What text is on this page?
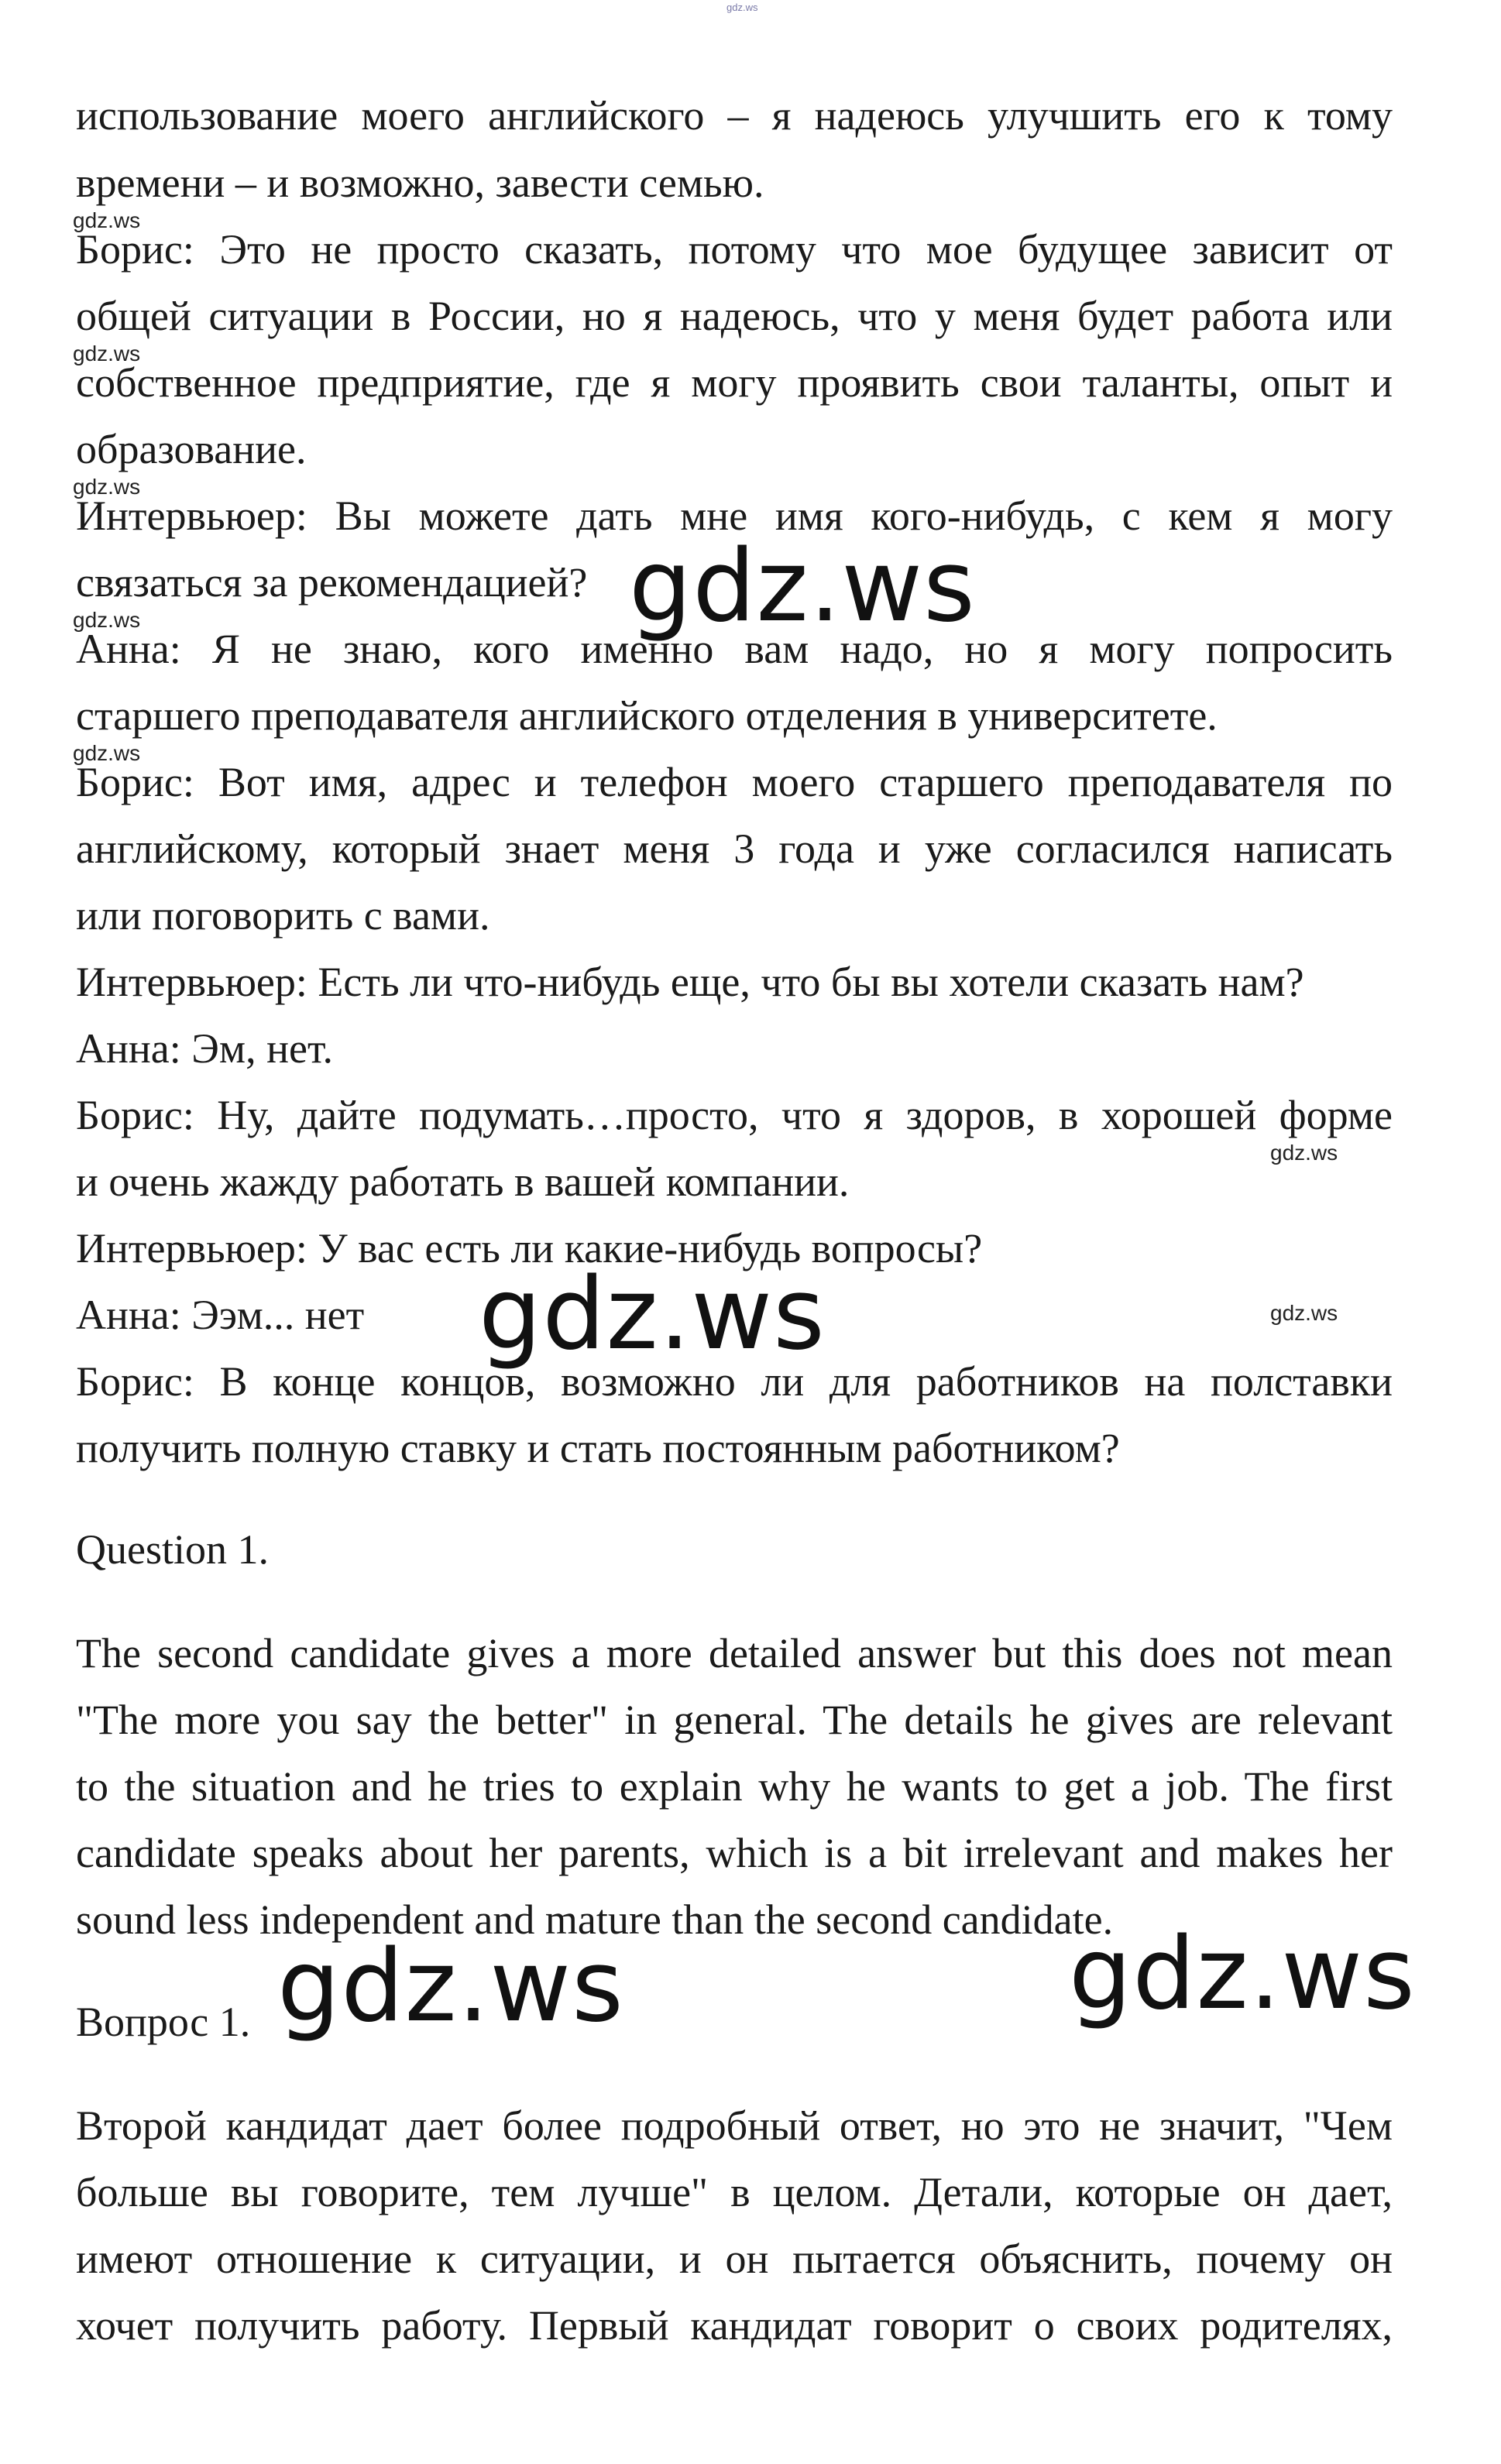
gdz.ws
использование моего английского – я надеюсь улучшить его к тому
времени – и возможно, завести семью.
gdz.ws
Борис: Это не просто сказать, потому что мое будущее зависит от
общей ситуации в России, но я надеюсь, что у меня будет работа или
gdz.ws
собственное предприятие, где я могу проявить свои таланты, опыт и
образование.
gdz.ws
Интервьюер: Вы можете дать мне имя кого-нибудь, с кем я могу
связаться за рекомендацией? gdz.ws
gdz.ws
Анна: Я не знаю, кого именно вам надо, но я могу попросить
старшего преподавателя английского отделения в университете.
gdz.ws
Борис: Вот имя, адрес и телефон моего старшего преподавателя по
английскому, который знает меня 3 года и уже согласился написать
или поговорить с вами.
Интервьюер: Есть ли что-нибудь еще, что бы вы хотели сказать нам?
Анна: Эм, нет.
Борис: Ну, дайте подумать…просто, что я здоров, в хорошей форме
gdz.ws
и очень жажду работать в вашей компании.
Интервьюер: У вас есть ли какие-нибудь вопросы?
Анна: Ээм... нет	gdz.ws	gdz.ws
Борис: В конце концов, возможно ли для работников на полставки
получить полную ставку и стать постоянным работником?
Question 1.
The second candidate gives a more detailed answer but this does not mean
"The more you say the better" in general. The details he gives are relevant
to the situation and he tries to explain why he wants to get a job. The first
candidate speaks about her parents, which is a bit irrelevant and makes her
sound less independent and mature than the second candidate.
gdz.ws	gdz.ws
Вопрос 1.
Второй кандидат дает более подробный ответ, но это не значит, "Чем
больше вы говорите, тем лучше" в целом. Детали, которые он дает,
имеют отношение к ситуации, и он пытается объяснить, почему он
хочет получить работу. Первый кандидат говорит о своих родителях,
